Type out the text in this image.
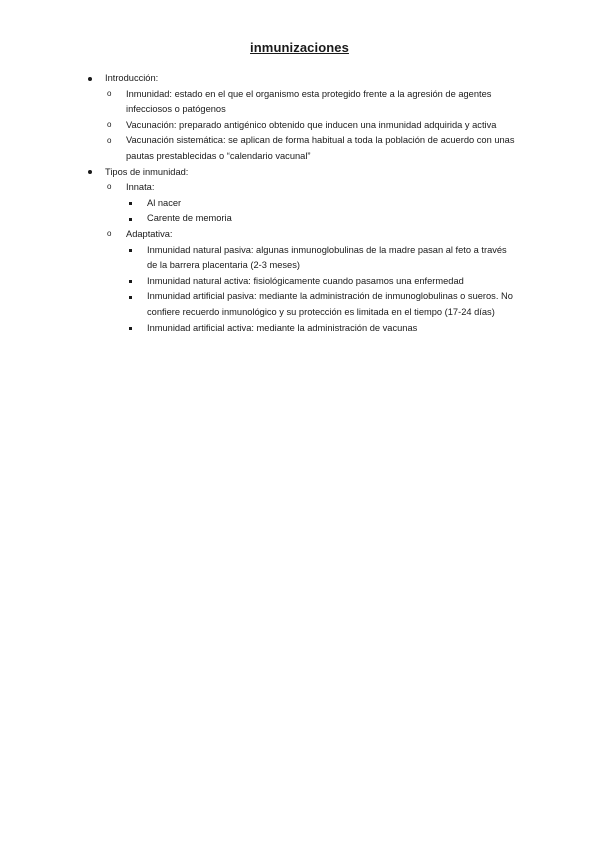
inmunizaciones
Introducción:
o Inmunidad: estado en el que el organismo esta protegido frente a la agresión de agentes infecciosos o patógenos
o Vacunación: preparado antigénico obtenido que inducen una inmunidad adquirida y activa
o Vacunación sistemática: se aplican de forma habitual a toda la población de acuerdo con unas pautas prestablecidas o “calendario vacunal”
Tipos de inmunidad:
o Innata:
Al nacer
Carente de memoria
o Adaptativa:
Inmunidad natural pasiva: algunas inmunoglobulinas de la madre pasan al feto a través de la barrera placentaria (2-3 meses)
Inmunidad natural activa: fisiológicamente cuando pasamos una enfermedad
Inmunidad artificial pasiva: mediante la administración de inmunoglobulinas o sueros. No confiere recuerdo inmunológico y su protección es limitada en el tiempo (17-24 días)
Inmunidad artificial activa: mediante la administración de vacunas
